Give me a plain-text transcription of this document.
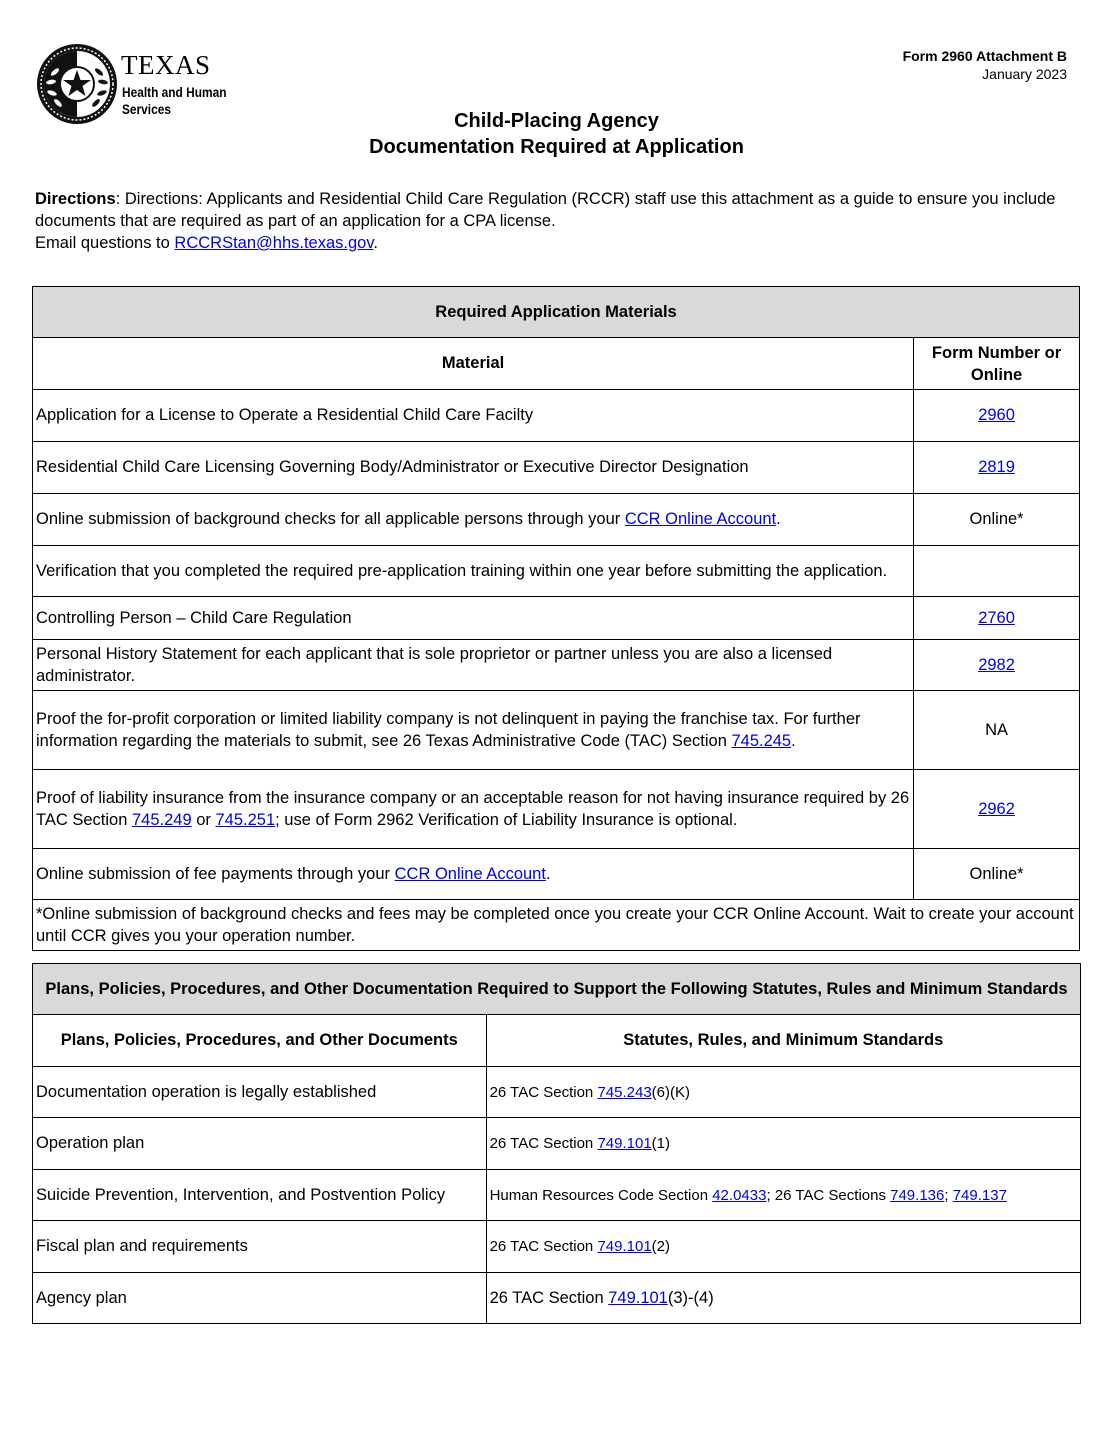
TEXAS
Health and Human
Services
Form 2960 Attachment B
January 2023
Child-Placing Agency
Documentation Required at Application
Directions: Directions: Applicants and Residential Child Care Regulation (RCCR) staff use this attachment as a guide to ensure you include documents that are required as part of an application for a CPA license.
Email questions to RCCRStan@hhs.texas.gov.
Required Application Materials	
Material	Form Number or Online
Application for a License to Operate a Residential Child Care Facilty	2960
Residential Child Care Licensing Governing Body/Administrator or Executive Director Designation	2819
Online submission of background checks for all applicable persons through your CCR Online Account.	Online*
Verification that you completed the required pre-application training within one year before submitting the application.	
Controlling Person – Child Care Regulation	2760
Personal History Statement for each applicant that is sole proprietor or partner unless you are also a licensed administrator.	2982
Proof the for-profit corporation or limited liability company is not delinquent in paying the franchise tax. For further information regarding the materials to submit, see 26 Texas Administrative Code (TAC) Section 745.245.	NA
Proof of liability insurance from the insurance company or an acceptable reason for not having insurance required by 26 TAC Section 745.249 or 745.251; use of Form 2962 Verification of Liability Insurance is optional.	2962
Online submission of fee payments through your CCR Online Account.	Online*
*Online submission of background checks and fees may be completed once you create your CCR Online Account. Wait to create your account until CCR gives you your operation number.	
Plans, Policies, Procedures, and Other Documentation Required to Support the Following Statutes, Rules and Minimum Standards	
Plans, Policies, Procedures, and Other Documents	Statutes, Rules, and Minimum Standards
Documentation operation is legally established	26 TAC Section 745.243(6)(K)
Operation plan	26 TAC Section 749.101(1)
Suicide Prevention, Intervention, and Postvention Policy	Human Resources Code Section 42.0433; 26 TAC Sections 749.136; 749.137
Fiscal plan and requirements	26 TAC Section 749.101(2)
Agency plan	26 TAC Section 749.101(3)-(4)
